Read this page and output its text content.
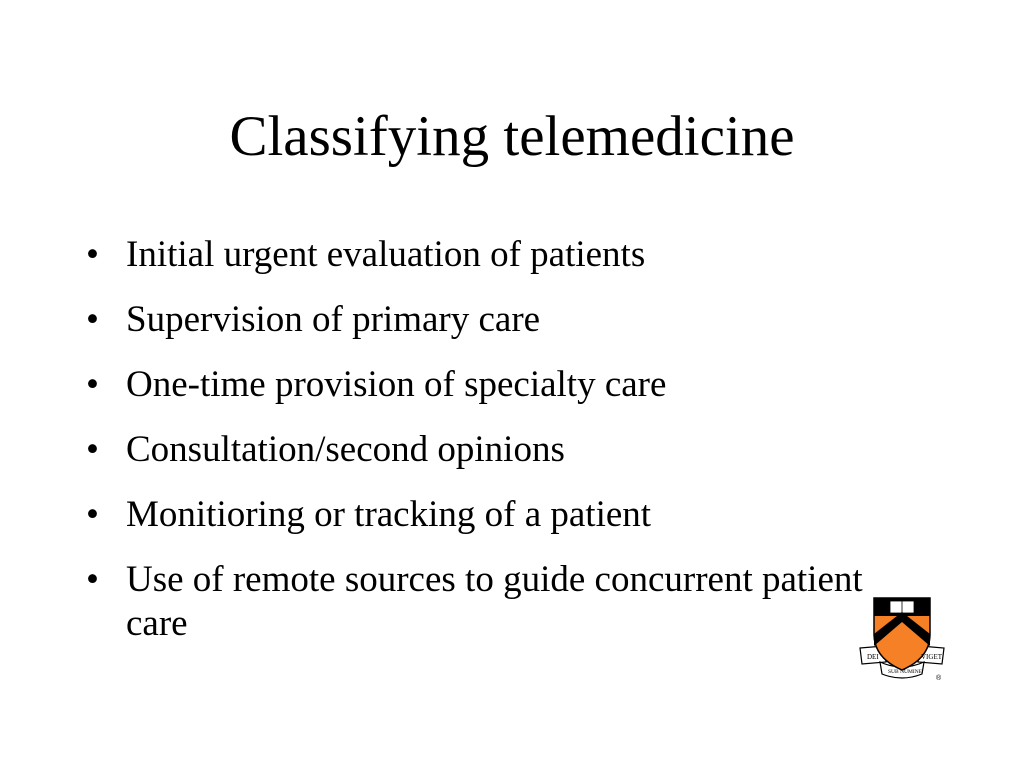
Classifying telemedicine
• Initial urgent evaluation of patients
• Supervision of primary care
• One-time provision of specialty care
• Consultation/second opinions
• Monitioring or tracking of a patient
• Use of remote sources to guide concurrent patient care
DEI	VIGET
SUB NUMINE
®
